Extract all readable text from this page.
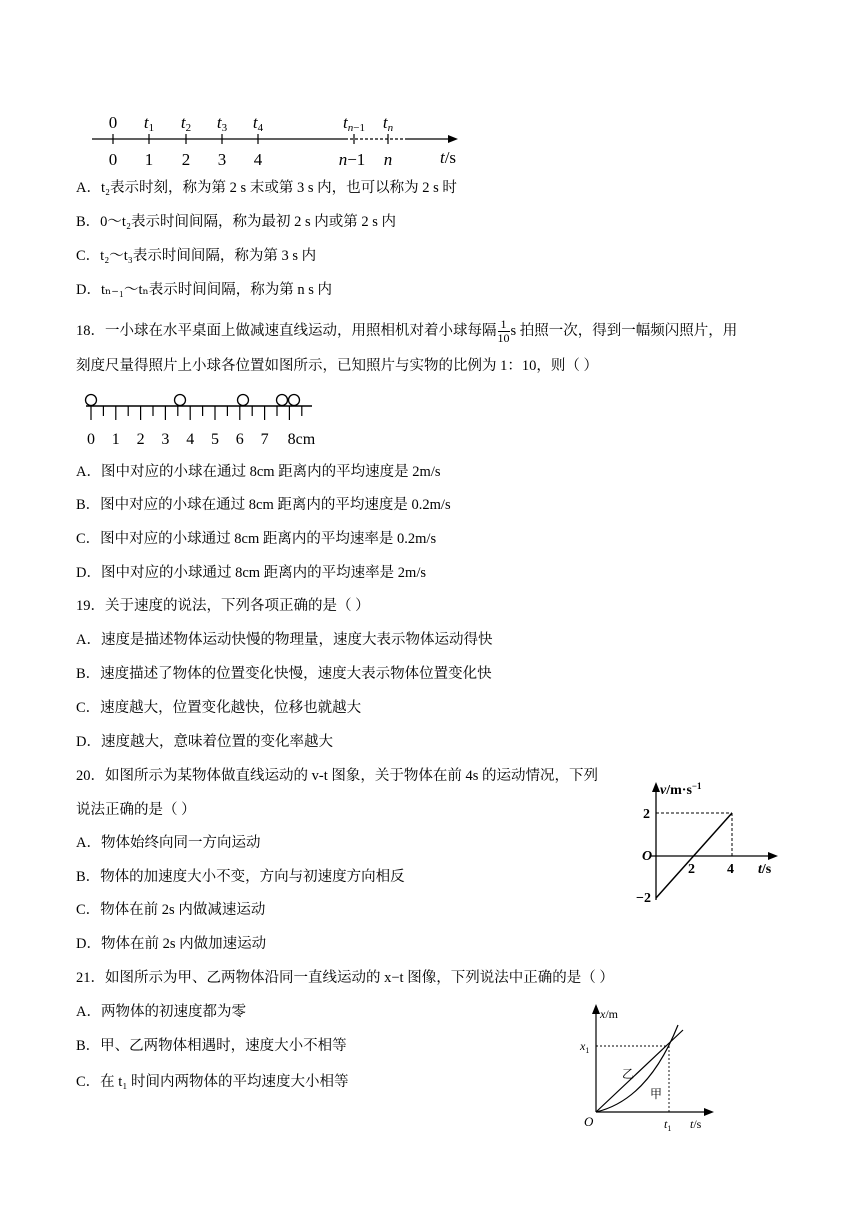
0 t1 t2 t3 t4	tn−1 tn
0 1 2 3 4	n−1 n	t/s
A．t₂表示时刻，称为第 2 s 末或第 3 s 内，也可以称为 2 s 时
B．0～t₂表示时间间隔，称为最初 2 s 内或第 2 s 内
C．t₂～t₃表示时间间隔，称为第 3 s 内
D．tₙ₋₁～tₙ表示时间间隔，称为第 n s 内
18．一小球在水平桌面上做减速直线运动，用照相机对着小球每隔 $\frac{1}{10}$ s 拍照一次，得到一幅频闪照片，用
刻度尺量得照片上小球各位置如图所示，已知照片与实物的比例为 1：10，则（ ）
0 1 2 3 4 5 6 7 8cm
A．图中对应的小球在通过 8cm 距离内的平均速度是 2m/s
B．图中对应的小球在通过 8cm 距离内的平均速度是 0.2m/s
C．图中对应的小球通过 8cm 距离内的平均速率是 0.2m/s
D．图中对应的小球通过 8cm 距离内的平均速率是 2m/s
19．关于速度的说法，下列各项正确的是（ ）
A．速度是描述物体运动快慢的物理量，速度大表示物体运动得快
B．速度描述了物体的位置变化快慢，速度大表示物体位置变化快
C．速度越大，位置变化越快，位移也就越大
D．速度越大，意味着位置的变化率越大
20．如图所示为某物体做直线运动的 v-t 图象，关于物体在前 4s 的运动情况，下列
说法正确的是（ ）
A．物体始终向同一方向运动
B．物体的加速度大小不变，方向与初速度方向相反
C．物体在前 2s 内做减速运动
D．物体在前 2s 内做加速运动
$v/m\cdot s^{-1}$
t/s
O
2
−2
2 4
21．如图所示为甲、乙两物体沿同一直线运动的 x−t 图像，下列说法中正确的是（ ）
A．两物体的初速度都为零
B．甲、乙两物体相遇时，速度大小不相等
C．在 t₁ 时间内两物体的平均速度大小相等
x/m
t/s
O
$x_1$
$t_1$
乙
甲
